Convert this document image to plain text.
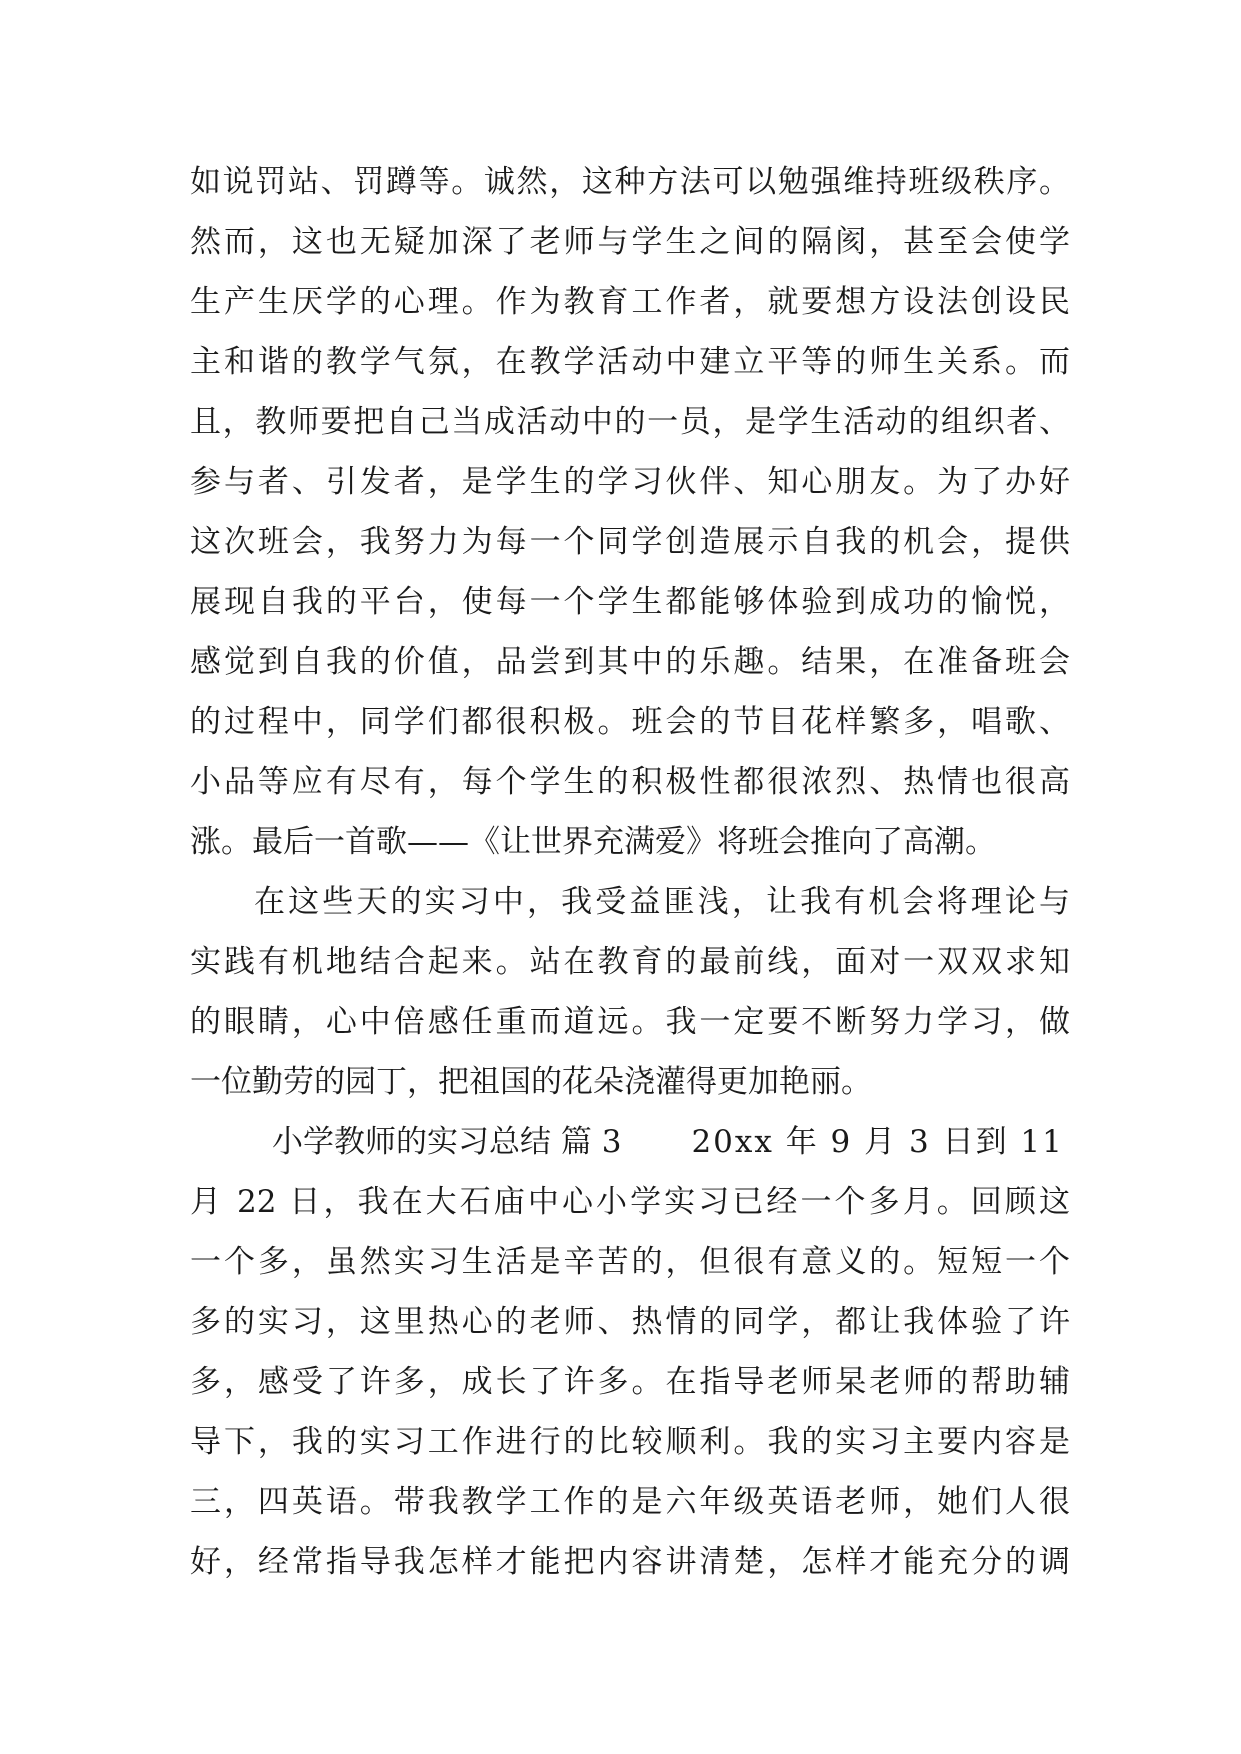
如说罚站、罚蹲等。诚然，这种方法可以勉强维持班级秩序。
然而，这也无疑加深了老师与学生之间的隔阂，甚至会使学
生产生厌学的心理。作为教育工作者，就要想方设法创设民
主和谐的教学气氛，在教学活动中建立平等的师生关系。而
且，教师要把自己当成活动中的一员，是学生活动的组织者、
参与者、引发者，是学生的学习伙伴、知心朋友。为了办好
这次班会，我努力为每一个同学创造展示自我的机会，提供
展现自我的平台，使每一个学生都能够体验到成功的愉悦，
感觉到自我的价值，品尝到其中的乐趣。结果，在准备班会
的过程中，同学们都很积极。班会的节目花样繁多，唱歌、
小品等应有尽有，每个学生的积极性都很浓烈、热情也很高
涨。最后一首歌——《让世界充满爱》将班会推向了高潮。
在这些天的实习中，我受益匪浅，让我有机会将理论与
实践有机地结合起来。站在教育的最前线，面对一双双求知
的眼睛，心中倍感任重而道远。我一定要不断努力学习，做
一位勤劳的园丁，把祖国的花朵浇灌得更加艳丽。
小学教师的实习总结 篇 3 20xx 年 9 月 3 日到 11
月 22 日，我在大石庙中心小学实习已经一个多月。回顾这
一个多，虽然实习生活是辛苦的，但很有意义的。短短一个
多的实习，这里热心的老师、热情的同学，都让我体验了许
多，感受了许多，成长了许多。在指导老师杲老师的帮助辅
导下，我的实习工作进行的比较顺利。我的实习主要内容是
三，四英语。带我教学工作的是六年级英语老师，她们人很
好，经常指导我怎样才能把内容讲清楚，怎样才能充分的调
